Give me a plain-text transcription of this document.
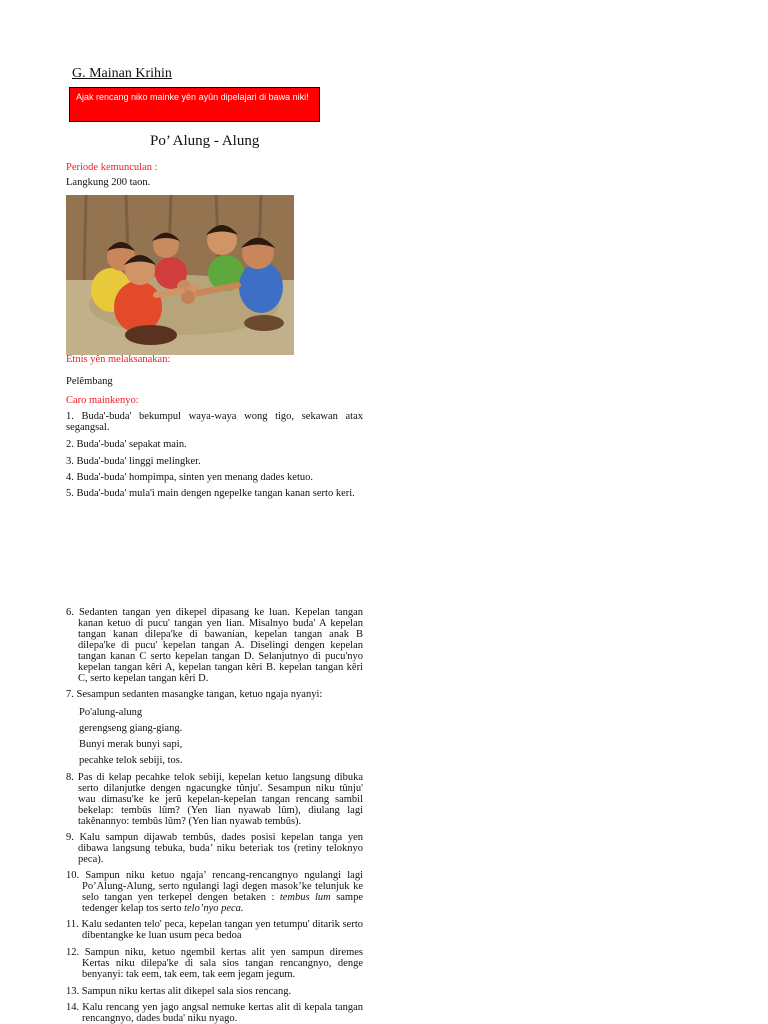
G. Mainan Krihin
Ajak rencang niko mainke yên ayûn dipelajari di bawa niki!
Po’ Alung - Alung
Periode kemunculan :
Langkung 200 taon.
Etnis yên melaksanakan:
Pelêmbang
Caro mainkenyo:
1. Buda'-buda' bekumpul waya-waya wong tigo, sekawan atax segangsal.
2. Buda'-buda' sepakat main.
3. Buda'-buda' linggi melingker.
4. Buda'-buda' hompimpa, sinten yen menang dades ketuo.
5. Buda'-buda' mula'i main dengen ngepelke tangan kanan serto keri.
6. Sedanten tangan yen dikepel dipasang ke luan. Kepelan tangan kanan ketuo di pucu' tangan yen lian. Misalnyo buda' A kepelan tangan kanan dilepa'ke di bawanian, kepelan tangan anak B dilepa'ke di pucu' kepelan tangan A. Diselingi dengen kepelan tangan kanan C serto kepelan tangan D. Selanjutnyo di pucu'nyo kepelan tangan kêri A, kepelan tangan kêri B. kepelan tangan kêri C, serto kepelan tangan kêri D.
7. Sesampun sedanten masangke tangan, ketuo ngaja nyanyi:
Po'alung-alung
gerengseng giang-giang.
Bunyi merak bunyi sapi,
pecahke telok sebiji, tos.
8. Pas di kelap pecahke telok sebiji, kepelan ketuo langsung dibuka serto dilanjutke dengen ngacungke tûnju'. Sesampun niku tûnju' wau dimasu'ke ke jerû kepelan-kepelan tangan rencang sambil bekelap: tembûs lûm? (Yen lian nyawab lûm), diulang lagi takênannyo: tembûs lûm? (Yen lian nyawab tembûs).
9. Kalu sampun dijawab tembûs, dades posisi kepelan tanga yen dibawa langsung tebuka, buda’ niku beteriak tos (retiny teloknyo peca).
10. Sampun niku ketuo ngaja’ rencang-rencangnyo ngulangi lagi Po’Alung-Alung, serto ngulangi lagi degen masok’ke telunjuk ke selo tangan yen terkepel dengen betaken : tembus lum sampe tedenger kelap tos serto telo’nyo peca.
11. Kalu sedanten telo' peca, kepelan tangan yen tetumpu' ditarik serto dibentangke ke luan usum peca bedoa
12. Sampun niku, ketuo ngembil kertas alit yen sampun diremes Kertas niku dilepa'ke di sala sios tangan rencangnyo, denge benyanyi: tak eem, tak eem, tak eem jegam jegum.
13. Sampun niku kertas alit dikepel sala sios rencang.
14. Kalu rencang yen jago angsal nemuke kertas alit di kepala tangan rencangnyo, dades buda' niku nyago.
